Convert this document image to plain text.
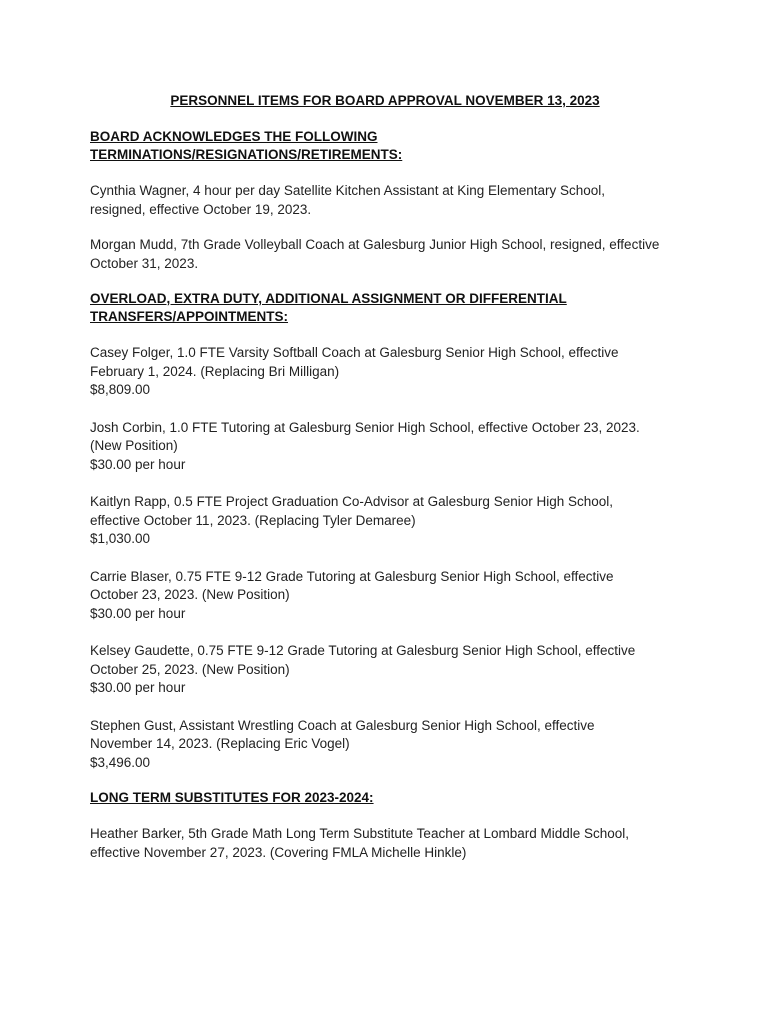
PERSONNEL ITEMS FOR BOARD APPROVAL NOVEMBER 13, 2023

BOARD ACKNOWLEDGES THE FOLLOWING
TERMINATIONS/RESIGNATIONS/RETIREMENTS:
Cynthia Wagner, 4 hour per day Satellite Kitchen Assistant at King Elementary School,
resigned, effective October 19, 2023.
Morgan Mudd, 7th Grade Volleyball Coach at Galesburg Junior High School, resigned, effective
October 31, 2023.
OVERLOAD, EXTRA DUTY, ADDITIONAL ASSIGNMENT OR DIFFERENTIAL
TRANSFERS/APPOINTMENTS:
Casey Folger, 1.0 FTE Varsity Softball Coach at Galesburg Senior High School, effective
February 1, 2024. (Replacing Bri Milligan)
$8,809.00
Josh Corbin, 1.0 FTE Tutoring at Galesburg Senior High School, effective October 23, 2023.
(New Position)
$30.00 per hour
Kaitlyn Rapp, 0.5 FTE Project Graduation Co-Advisor at Galesburg Senior High School,
effective October 11, 2023. (Replacing Tyler Demaree)
$1,030.00
Carrie Blaser, 0.75 FTE 9-12 Grade Tutoring at Galesburg Senior High School, effective
October 23, 2023. (New Position)
$30.00 per hour
Kelsey Gaudette, 0.75 FTE 9-12 Grade Tutoring at Galesburg Senior High School, effective
October 25, 2023. (New Position)
$30.00 per hour
Stephen Gust, Assistant Wrestling Coach at Galesburg Senior High School, effective
November 14, 2023. (Replacing Eric Vogel)
$3,496.00
LONG TERM SUBSTITUTES FOR 2023-2024:
Heather Barker, 5th Grade Math Long Term Substitute Teacher at Lombard Middle School,
effective November 27, 2023. (Covering FMLA Michelle Hinkle)
